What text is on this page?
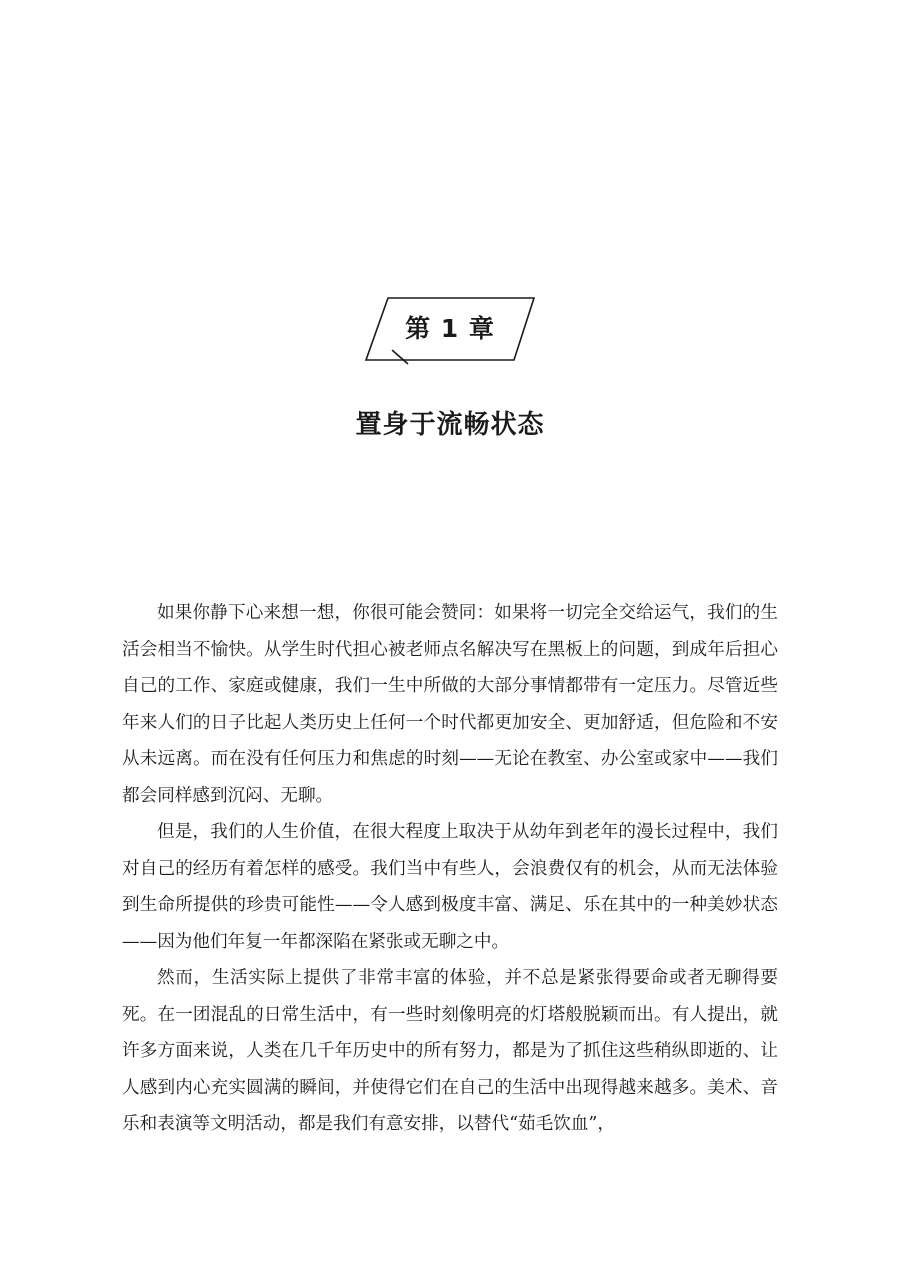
第 1 章
置身于流畅状态

如果你静下心来想一想，你很可能会赞同：如果将一切完全交给运气，我们的生活会相当不愉快。从学生时代担心被老师点名解决写在黑板上的问题，到成年后担心自己的工作、家庭或健康，我们一生中所做的大部分事情都带有一定压力。尽管近些年来人们的日子比起人类历史上任何一个时代都更加安全、更加舒适，但危险和不安从未远离。而在没有任何压力和焦虑的时刻——无论在教室、办公室或家中——我们都会同样感到沉闷、无聊。

但是，我们的人生价值，在很大程度上取决于从幼年到老年的漫长过程中，我们对自己的经历有着怎样的感受。我们当中有些人，会浪费仅有的机会，从而无法体验到生命所提供的珍贵可能性——令人感到极度丰富、满足、乐在其中的一种美妙状态——因为他们年复一年都深陷在紧张或无聊之中。

然而，生活实际上提供了非常丰富的体验，并不总是紧张得要命或者无聊得要死。在一团混乱的日常生活中，有一些时刻像明亮的灯塔般脱颖而出。有人提出，就许多方面来说，人类在几千年历史中的所有努力，都是为了抓住这些稍纵即逝的、让人感到内心充实圆满的瞬间，并使得它们在自己的生活中出现得越来越多。美术、音乐和表演等文明活动，都是我们有意安排，以替代“茹毛饮血”，
